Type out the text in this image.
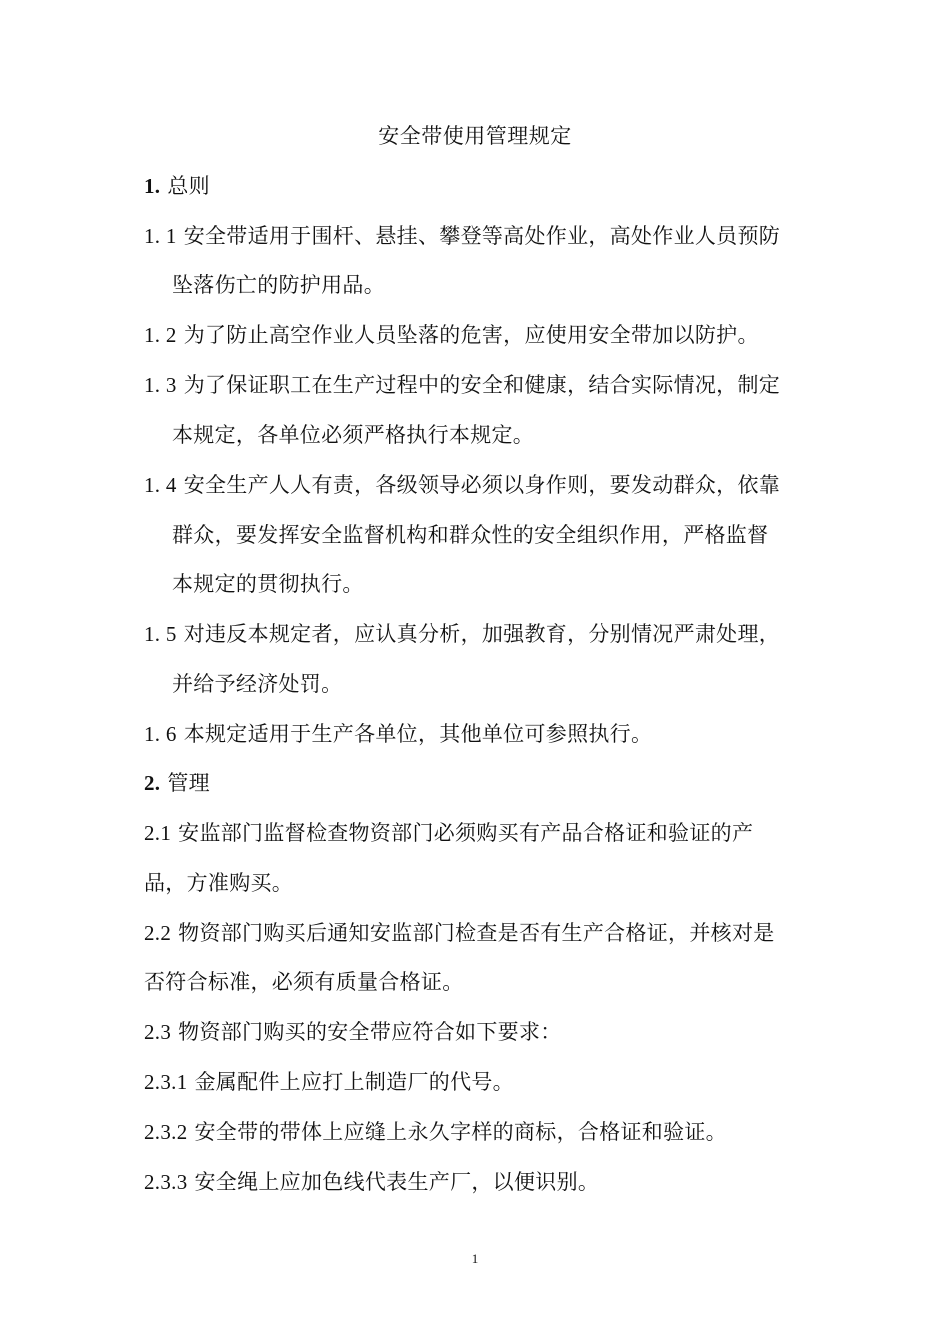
安全带使用管理规定
1. 总则
1. 1 安全带适用于围杆、悬挂、攀登等高处作业，高处作业人员预防
坠落伤亡的防护用品。
1. 2 为了防止高空作业人员坠落的危害，应使用安全带加以防护。
1. 3 为了保证职工在生产过程中的安全和健康，结合实际情况，制定
本规定，各单位必须严格执行本规定。
1. 4 安全生产人人有责，各级领导必须以身作则，要发动群众，依靠
群众，要发挥安全监督机构和群众性的安全组织作用，严格监督
本规定的贯彻执行。
1. 5 对违反本规定者，应认真分析，加强教育，分别情况严肃处理，
并给予经济处罚。
1. 6 本规定适用于生产各单位，其他单位可参照执行。
2. 管理
2.1 安监部门监督检查物资部门必须购买有产品合格证和验证的产
品，方准购买。
2.2 物资部门购买后通知安监部门检查是否有生产合格证，并核对是
否符合标准，必须有质量合格证。
2.3 物资部门购买的安全带应符合如下要求：
2.3.1 金属配件上应打上制造厂的代号。
2.3.2 安全带的带体上应缝上永久字样的商标，合格证和验证。
2.3.3 安全绳上应加色线代表生产厂，以便识别。
1
